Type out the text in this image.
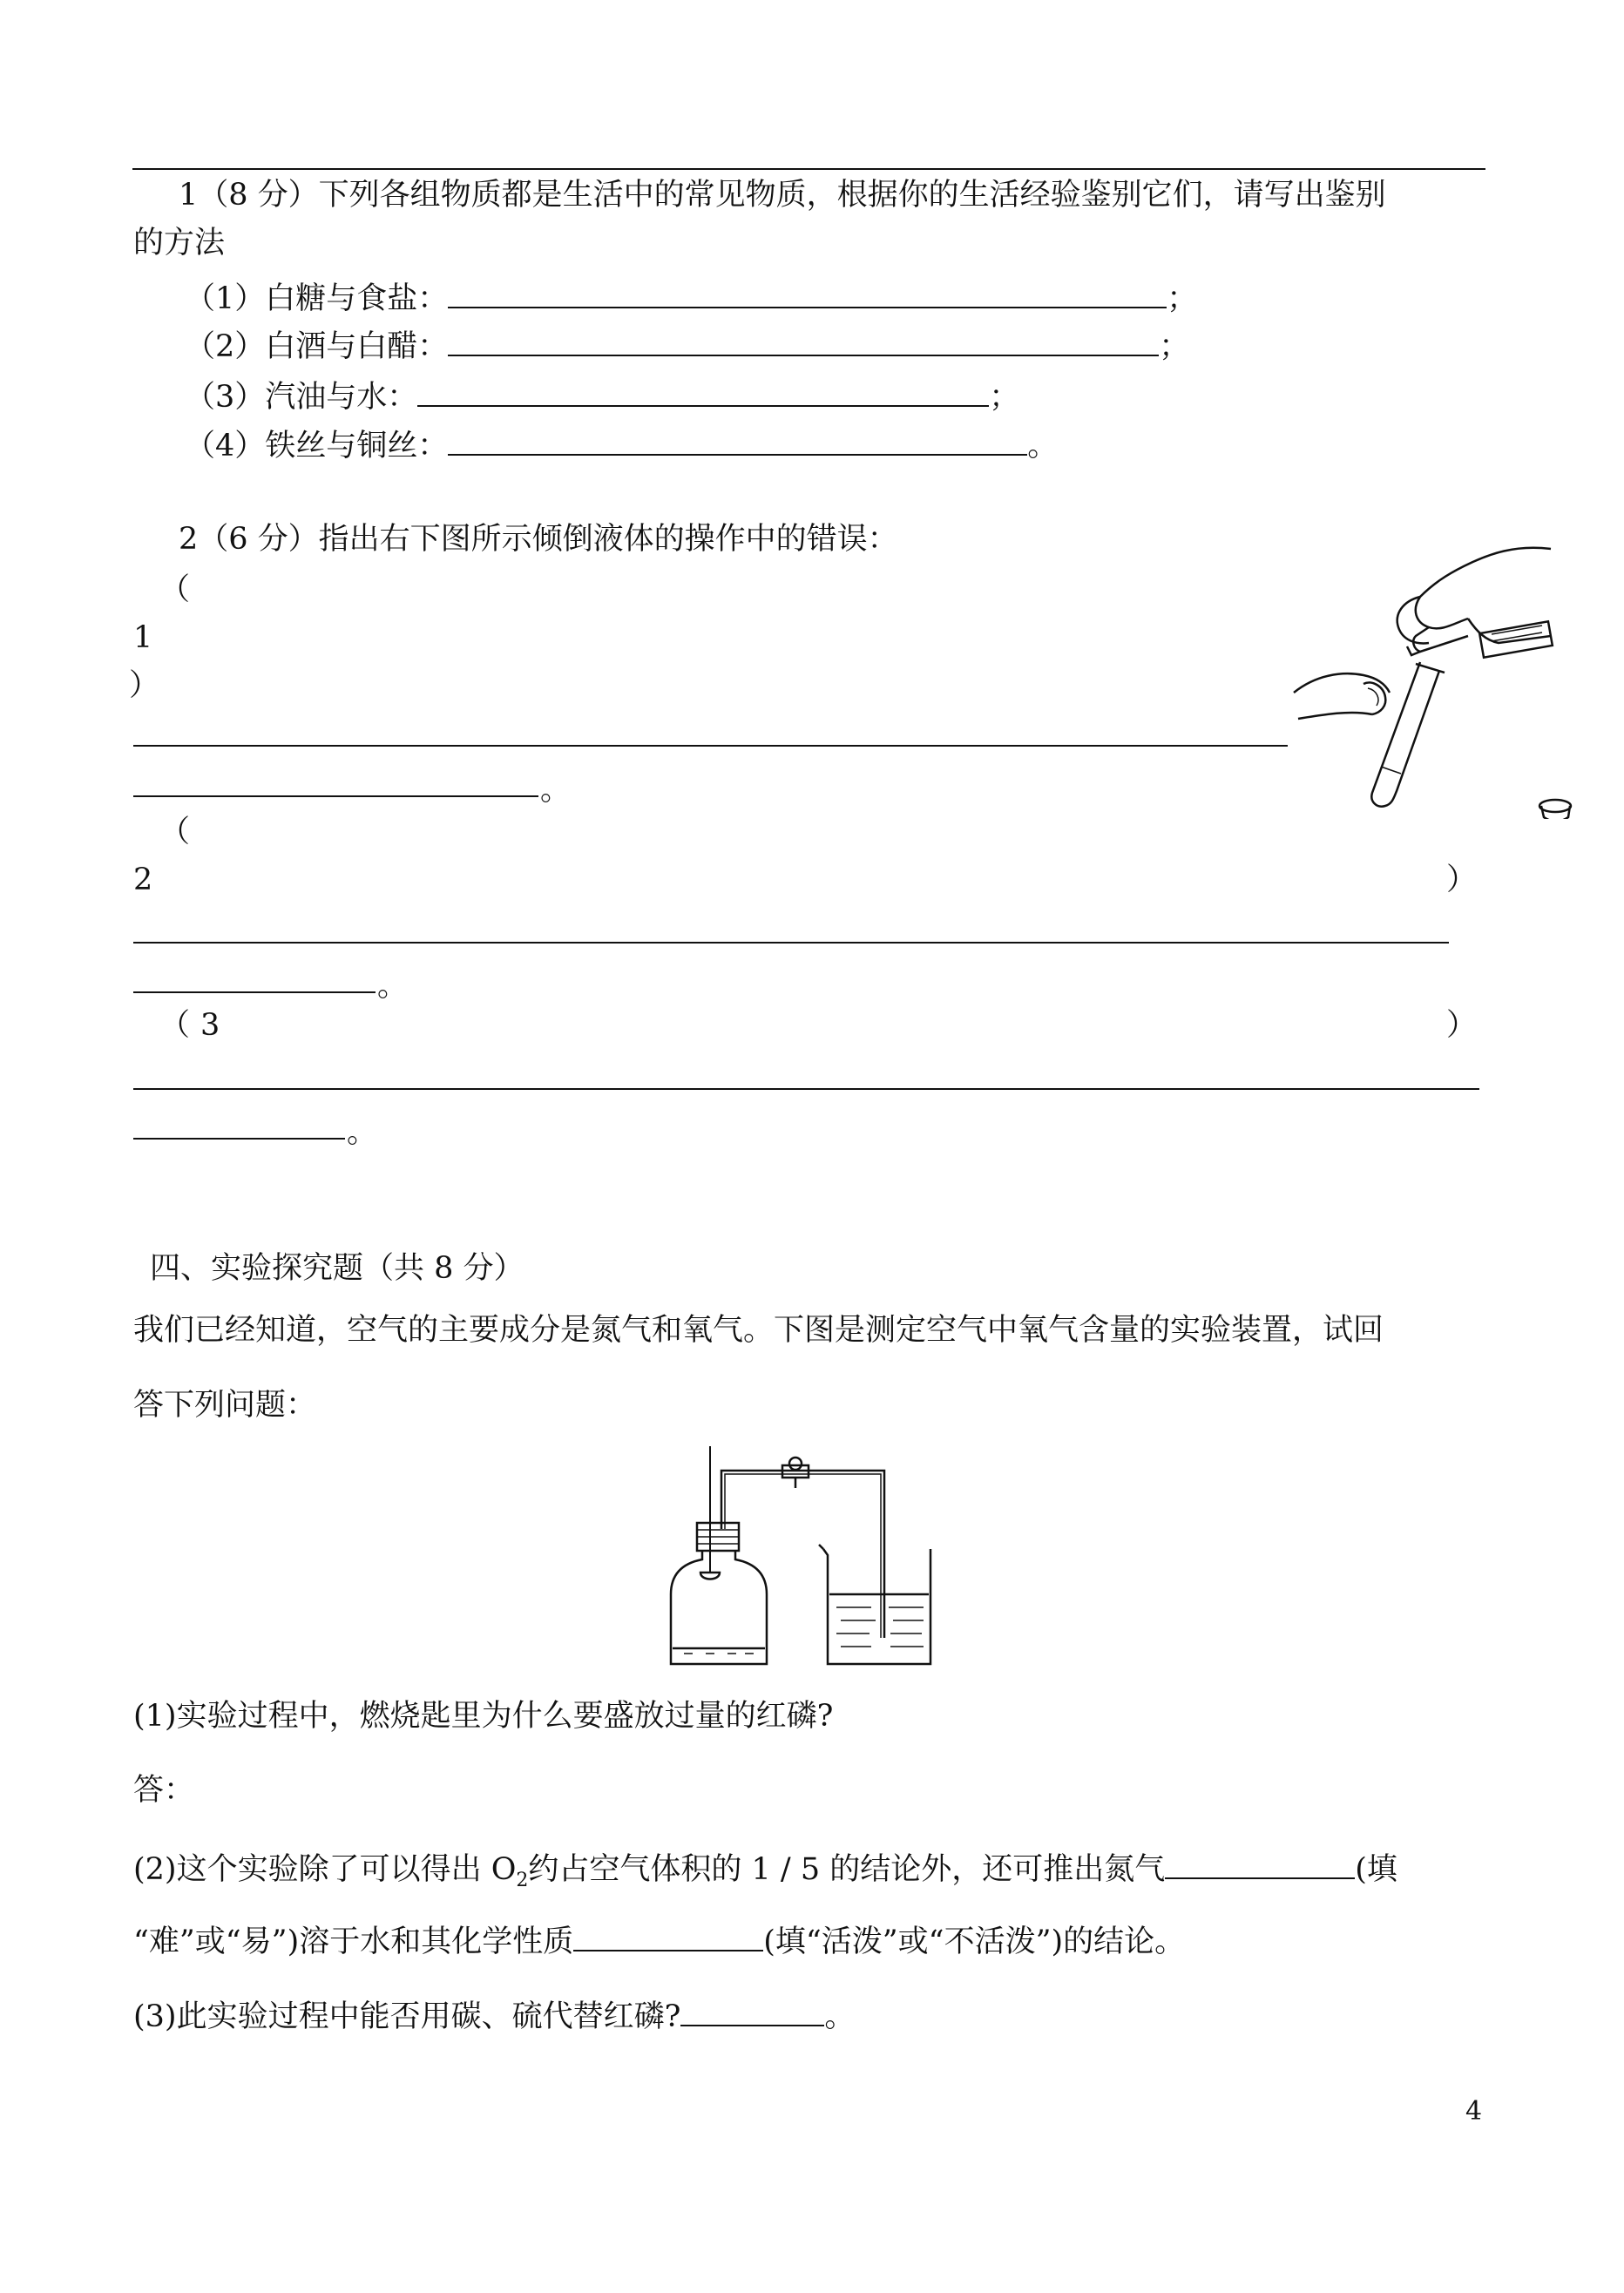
1（8 分）下列各组物质都是生活中的常见物质，根据你的生活经验鉴别它们，请写出鉴别
的方法
（1）白糖与食盐：	；
（2）白酒与白醋：	；
（3）汽油与水：	；
（4）铁丝与铜丝：	。
2（6 分）指出右下图所示倾倒液体的操作中的错误：
（
1
）
。
（
2	）
。
（ 3	）
。
四、实验探究题（共 8 分）
我们已经知道，空气的主要成分是氮气和氧气。下图是测定空气中氧气含量的实验装置，试回
答下列问题：
(1)实验过程中，燃烧匙里为什么要盛放过量的红磷?
答：
(2)这个实验除了可以得出 $O_2$约占空气体积的 1 / 5 的结论外，还可推出氮气	(填
“难”或“易”)溶于水和其化学性质	(填“活泼”或“不活泼”)的结论。
(3)此实验过程中能否用碳、硫代替红磷?	。
4
